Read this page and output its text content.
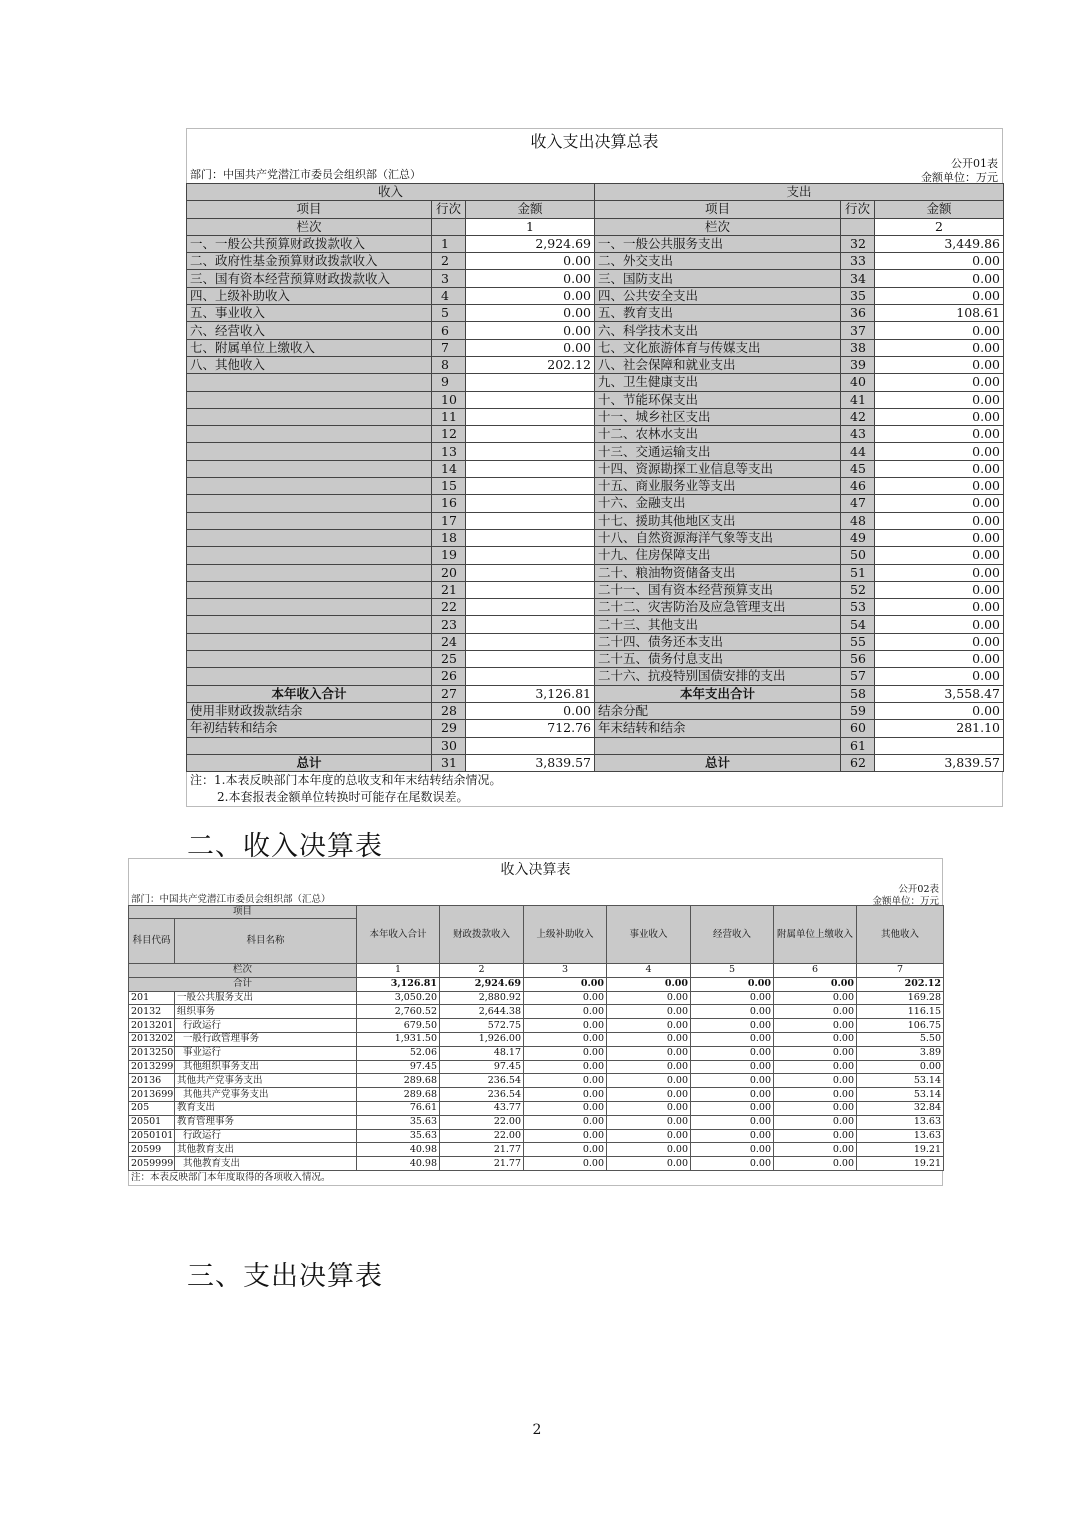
收入支出决算总表
公开01表
金额单位：万元
部门：中国共产党潜江市委员会组织部（汇总）
收入			支出		
项目	行次	金额	项目	行次	金额
栏次		1	栏次		2
一、一般公共预算财政拨款收入	1	2,924.69	一、一般公共服务支出	32	3,449.86
二、政府性基金预算财政拨款收入	2	0.00	二、外交支出	33	0.00
三、国有资本经营预算财政拨款收入	3	0.00	三、国防支出	34	0.00
四、上级补助收入	4	0.00	四、公共安全支出	35	0.00
五、事业收入	5	0.00	五、教育支出	36	108.61
六、经营收入	6	0.00	六、科学技术支出	37	0.00
七、附属单位上缴收入	7	0.00	七、文化旅游体育与传媒支出	38	0.00
八、其他收入	8	202.12	八、社会保障和就业支出	39	0.00
	9		九、卫生健康支出	40	0.00
	10		十、节能环保支出	41	0.00
	11		十一、城乡社区支出	42	0.00
	12		十二、农林水支出	43	0.00
	13		十三、交通运输支出	44	0.00
	14		十四、资源勘探工业信息等支出	45	0.00
	15		十五、商业服务业等支出	46	0.00
	16		十六、金融支出	47	0.00
	17		十七、援助其他地区支出	48	0.00
	18		十八、自然资源海洋气象等支出	49	0.00
	19		十九、住房保障支出	50	0.00
	20		二十、粮油物资储备支出	51	0.00
	21		二十一、国有资本经营预算支出	52	0.00
	22		二十二、灾害防治及应急管理支出	53	0.00
	23		二十三、其他支出	54	0.00
	24		二十四、债务还本支出	55	0.00
	25		二十五、债务付息支出	56	0.00
	26		二十六、抗疫特别国债安排的支出	57	0.00
本年收入合计	27	3,126.81	本年支出合计	58	3,558.47
使用非财政拨款结余	28	0.00	结余分配	59	0.00
年初结转和结余	29	712.76	年末结转和结余	60	281.10
	30			61	
总计	31	3,839.57	总计	62	3,839.57
注：1.本表反映部门本年度的总收支和年末结转结余情况。
2.本套报表金额单位转换时可能存在尾数误差。
二、收入决算表
收入决算表
公开02表
金额单位：万元
部门：中国共产党潜江市委员会组织部（汇总）
项目		本年收入合计	财政拨款收入	上级补助收入	事业收入	经营收入	附属单位上缴收入	其他收入
科目代码	科目名称							
栏次		1	2	3	4	5	6	7
合计		3,126.81	2,924.69	0.00	0.00	0.00	0.00	202.12
201	一般公共服务支出	3,050.20	2,880.92	0.00	0.00	0.00	0.00	169.28
20132	组织事务	2,760.52	2,644.38	0.00	0.00	0.00	0.00	116.15
2013201	行政运行	679.50	572.75	0.00	0.00	0.00	0.00	106.75
2013202	一般行政管理事务	1,931.50	1,926.00	0.00	0.00	0.00	0.00	5.50
2013250	事业运行	52.06	48.17	0.00	0.00	0.00	0.00	3.89
2013299	其他组织事务支出	97.45	97.45	0.00	0.00	0.00	0.00	0.00
20136	其他共产党事务支出	289.68	236.54	0.00	0.00	0.00	0.00	53.14
2013699	其他共产党事务支出	289.68	236.54	0.00	0.00	0.00	0.00	53.14
205	教育支出	76.61	43.77	0.00	0.00	0.00	0.00	32.84
20501	教育管理事务	35.63	22.00	0.00	0.00	0.00	0.00	13.63
2050101	行政运行	35.63	22.00	0.00	0.00	0.00	0.00	13.63
20599	其他教育支出	40.98	21.77	0.00	0.00	0.00	0.00	19.21
2059999	其他教育支出	40.98	21.77	0.00	0.00	0.00	0.00	19.21
注：本表反映部门本年度取得的各项收入情况。
三、支出决算表
2
